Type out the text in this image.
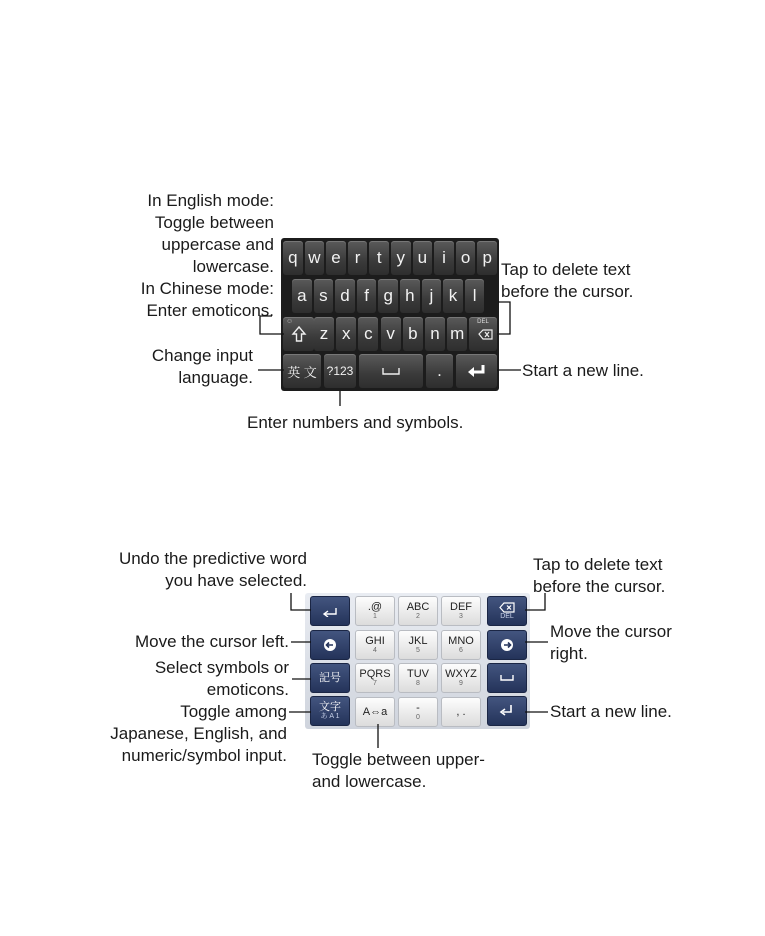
q w e r t y u i o p
a s d f g h j k l
z x c v b n m
☺	DEL
英 文 ?123	.
In English mode:
Toggle between
uppercase and
lowercase.
In Chinese mode:
Enter emoticons.
Tap to delete text
before the cursor.
Change input
language.	Start a new line.
Enter numbers and symbols.
.@
1
ABC
2
DEF
3
GHI
4
JKL
5
MNO
6
PQRS
7
TUV
8
WXYZ
9
A⇔a	-
0	, .
記号
文字
あ A 1
DEL
Undo the predictive word
you have selected.
Tap to delete text
before the cursor.
Move the cursor left.
Move the cursor
right.
Select symbols or
emoticons.
Toggle among
Japanese, English, and
numeric/symbol input.
Start a new line.
Toggle between upper-
and lowercase.
